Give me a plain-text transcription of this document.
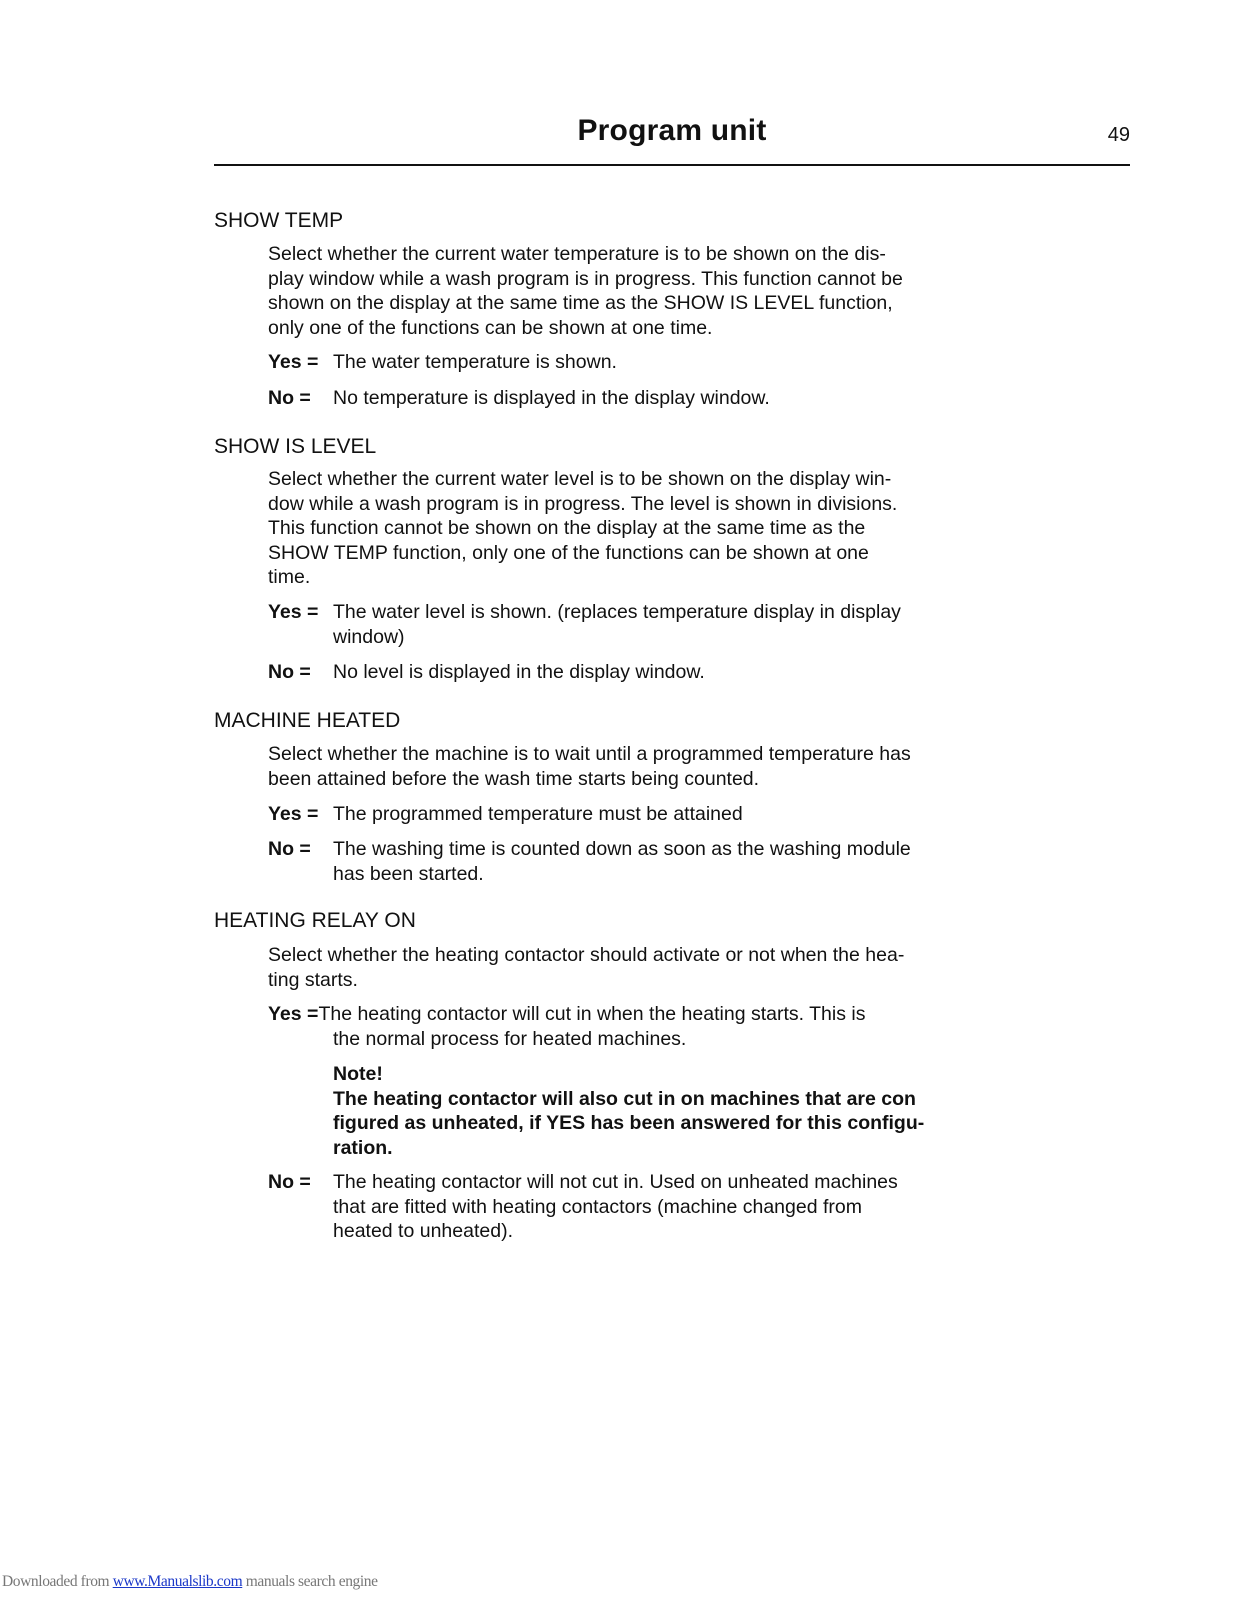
Program unit	49
SHOW TEMP
Select whether the current water temperature is to be shown on the dis-
play window while a wash program is in progress. This function cannot be
shown on the display at the same time as the SHOW IS LEVEL function,
only one of the functions can be shown at one time.
Yes = The water temperature is shown.
No = No temperature is displayed in the display window.
SHOW IS LEVEL
Select whether the current water level is to be shown on the display win-
dow while a wash program is in progress. The level is shown in divisions.
This function cannot be shown on the display at the same time as the
SHOW TEMP function, only one of the functions can be shown at one
time.
Yes = The water level is shown. (replaces temperature display in display
window)
No = No level is displayed in the display window.
MACHINE HEATED
Select whether the machine is to wait until a programmed temperature has
been attained before the wash time starts being counted.
Yes = The programmed temperature must be attained
No = The washing time is counted down as soon as the washing module
has been started.
HEATING RELAY ON
Select whether the heating contactor should activate or not when the hea-
ting starts.
Yes =The heating contactor will cut in when the heating starts. This is
the normal process for heated machines.
Note!
The heating contactor will also cut in on machines that are con
figured as unheated, if YES has been answered for this configu-
ration.
No = The heating contactor will not cut in. Used on unheated machines
that are fitted with heating contactors (machine changed from
heated to unheated).
Downloaded from www.Manualslib.com manuals search engine
